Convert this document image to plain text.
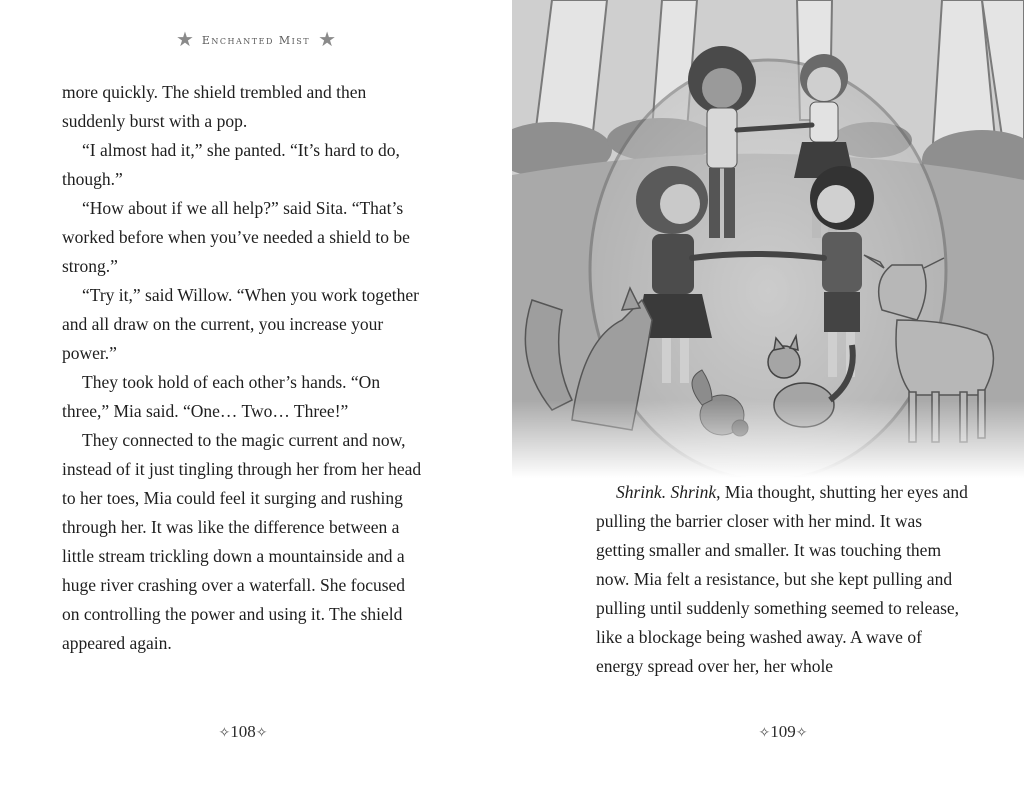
★ Enchanted Mist ★

more quickly. The shield trembled and then suddenly burst with a pop.

“I almost had it,” she panted. “It’s hard to do, though.”

“How about if we all help?” said Sita. “That’s worked before when you’ve needed a shield to be strong.”

“Try it,” said Willow. “When you work together and all draw on the current, you increase your power.”

They took hold of each other’s hands. “On three,” Mia said. “One… Two… Three!”

They connected to the magic current and now, instead of it just tingling through her from her head to her toes, Mia could feel it surging and rushing through her. It was like the difference between a little stream trickling down a mountainside and a huge river crashing over a waterfall. She focused on controlling the power and using it. The shield appeared again.

✧108✧

Shrink. Shrink, Mia thought, shutting her eyes and pulling the barrier closer with her mind. It was getting smaller and smaller. It was touching them now. Mia felt a resistance, but she kept pulling and pulling until suddenly something seemed to release, like a blockage being washed away. A wave of energy spread over her, her whole

✧109✧
